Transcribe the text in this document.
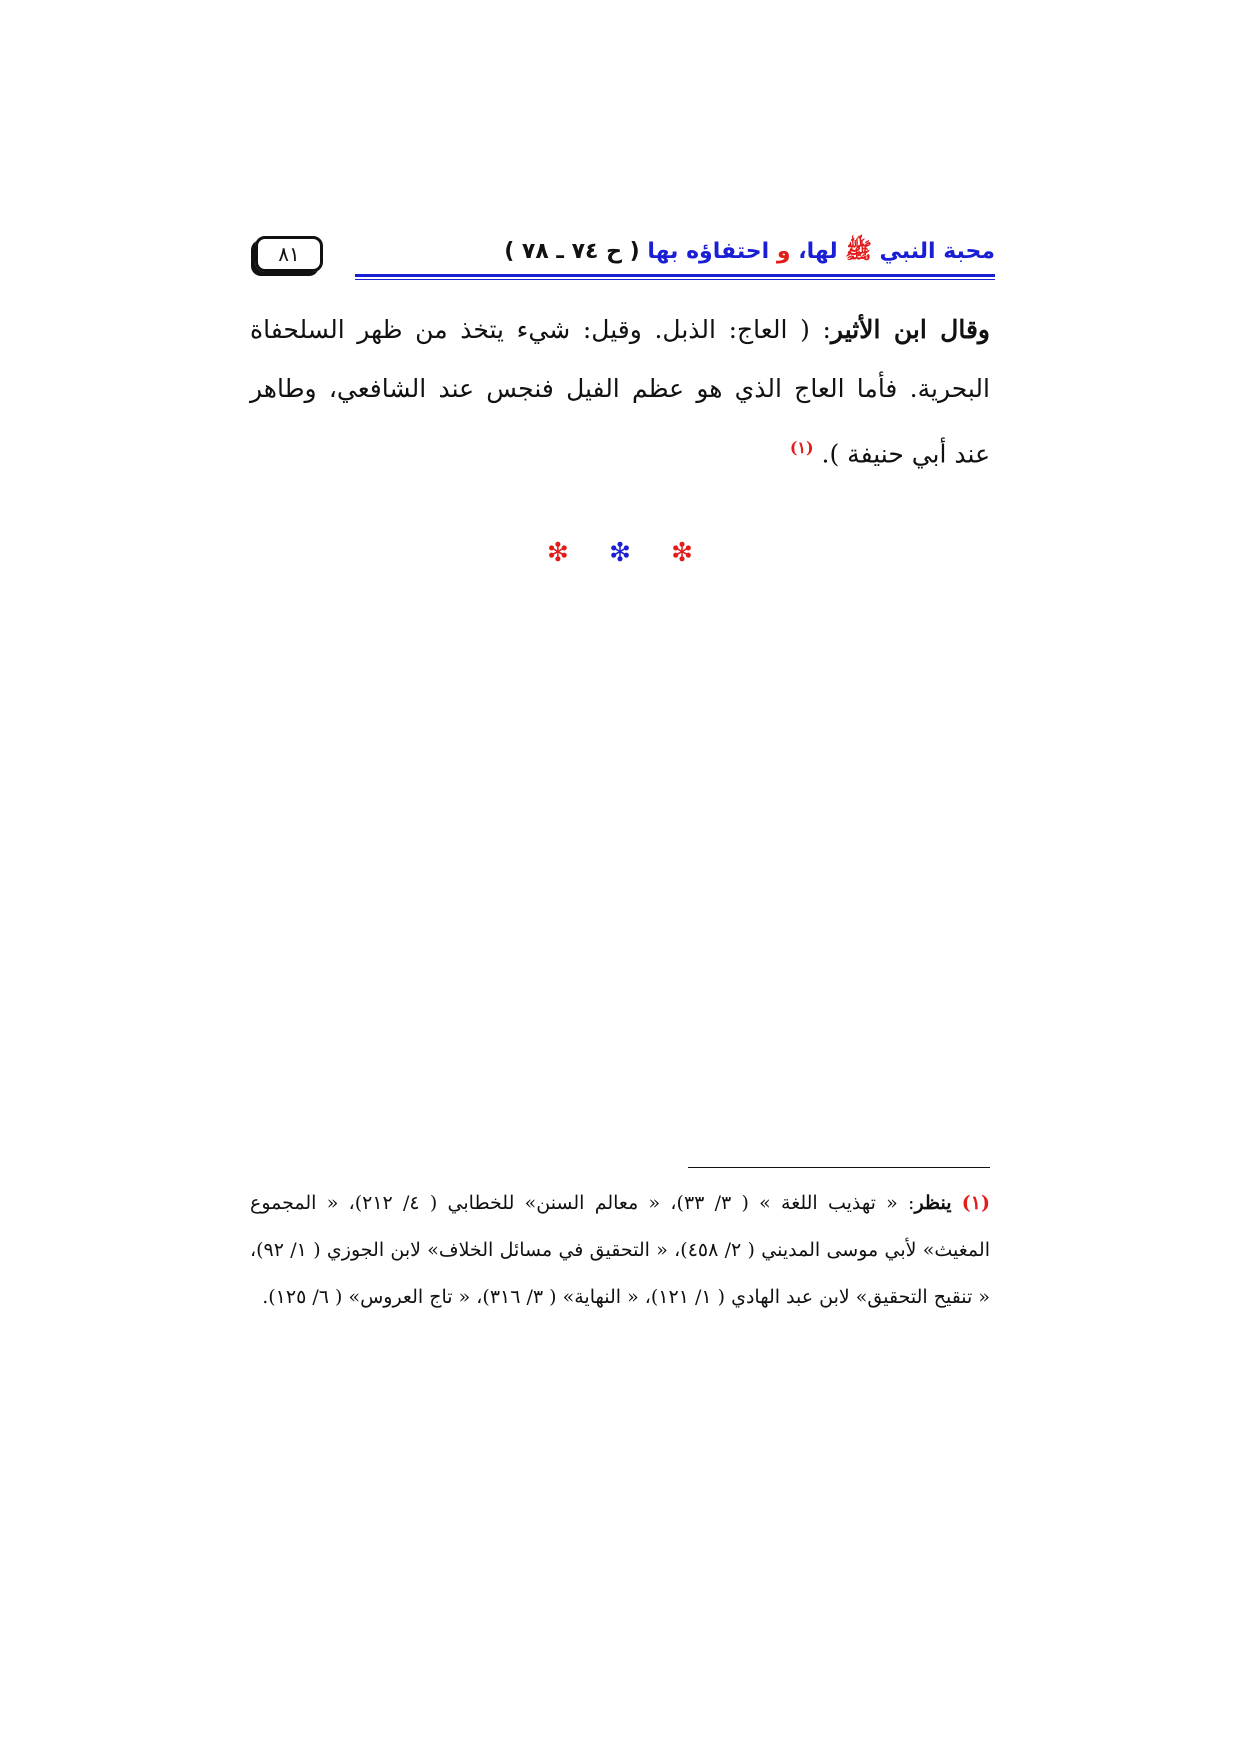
محبة النبي ﷺ لها، و احتفاؤه بها ( ح ٧٤ ـ ٧٨ )
٨١
وقال ابن الأثير: ( العاج: الذبل. وقيل: شيء يتخذ من ظهر السلحفاة البحرية. فأما العاج الذي هو عظم الفيل فنجس عند الشافعي، وطاهر عند أبي حنيفة ). $^{(١)}$
❇ ❇ ❇
(١) ينظر: « تهذيب اللغة » ( ٣/ ٣٣)، « معالم السنن» للخطابي ( ٤/ ٢١٢)، « المجموع المغيث» لأبي موسى المديني ( ٢/ ٤٥٨)، « التحقيق في مسائل الخلاف» لابن الجوزي ( ١/ ٩٢)، « تنقيح التحقيق» لابن عبد الهادي ( ١/ ١٢١)، « النهاية» ( ٣/ ٣١٦)، « تاج العروس» ( ٦/ ١٢٥).
